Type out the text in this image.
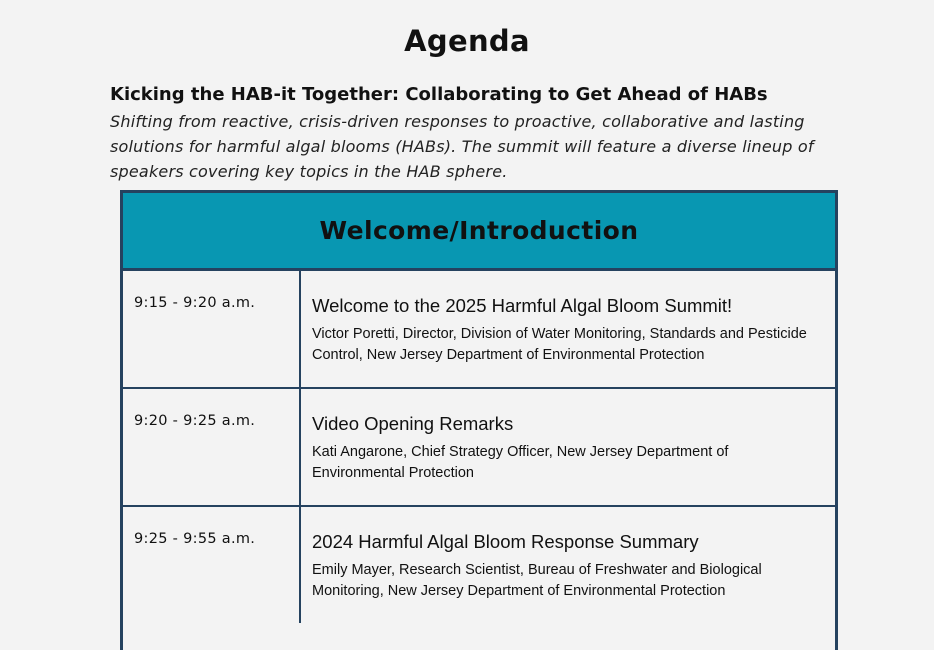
Agenda
Kicking the HAB-it Together: Collaborating to Get Ahead of HABs
Shifting from reactive, crisis-driven responses to proactive, collaborative and lasting solutions for harmful algal blooms (HABs). The summit will feature a diverse lineup of speakers covering key topics in the HAB sphere.
Welcome/Introduction
9:15 - 9:20 a.m.	Welcome to the 2025 Harmful Algal Bloom Summit!
Victor Poretti, Director, Division of Water Monitoring, Standards and Pesticide Control, New Jersey Department of Environmental Protection
9:20 - 9:25 a.m.	Video Opening Remarks
Kati Angarone, Chief Strategy Officer, New Jersey Department of Environmental Protection
9:25 - 9:55 a.m.	2024 Harmful Algal Bloom Response Summary
Emily Mayer, Research Scientist, Bureau of Freshwater and Biological Monitoring, New Jersey Department of Environmental Protection
